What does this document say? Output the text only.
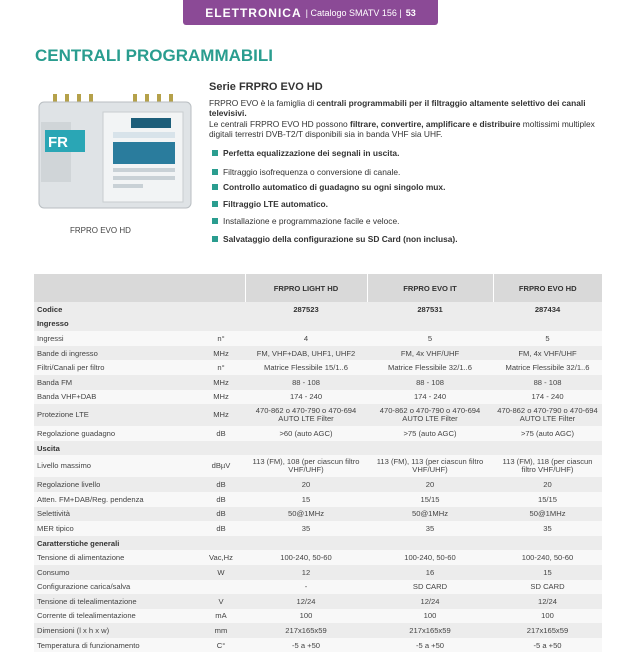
ELETTRONICA | Catalogo SMATV 156 | 53
CENTRALI PROGRAMMABILI
FR
FRPRO EVO HD
Serie FRPRO EVO HD
FRPRO EVO è la famiglia di centrali programmabili per il filtraggio altamente selettivo dei canali televisivi.
Le centrali FRPRO EVO HD possono filtrare, convertire, amplificare e distribuire moltissimi multiplex digitali terrestri DVB-T2/T disponibili sia in banda VHF sia UHF.
Perfetta equalizzazione dei segnali in uscita.
Filtraggio isofrequenza o conversione di canale.
Controllo automatico di guadagno su ogni singolo mux.
Filtraggio LTE automatico.
Installazione e programmazione facile e veloce.
Salvataggio della configurazione su SD Card (non inclusa).
		FRPRO LIGHT HD	FRPRO EVO IT	FRPRO EVO HD
Codice		287523	287531	287434
Ingresso				
Ingressi	n°	4	5	5
Bande di ingresso	MHz	FM, VHF+DAB, UHF1, UHF2	FM, 4x VHF/UHF	FM, 4x VHF/UHF
Filtri/Canali per filtro	n°	Matrice Flessibile 15/1..6	Matrice Flessibile 32/1..6	Matrice Flessibile 32/1..6
Banda FM	MHz	88 - 108	88 - 108	88 - 108
Banda VHF+DAB	MHz	174 - 240	174 - 240	174 - 240
Protezione LTE	MHz	470-862 o 470-790 o 470-694 AUTO LTE Filter	470-862 o 470-790 o 470-694 AUTO LTE Filter	470-862 o 470-790 o 470-694 AUTO LTE Filter
Regolazione guadagno	dB	>60 (auto AGC)	>75 (auto AGC)	>75 (auto AGC)
Uscita				
Livello massimo	dBµV	113 (FM), 108 (per ciascun filtro VHF/UHF)	113 (FM), 113 (per ciascun filtro VHF/UHF)	113 (FM), 118 (per ciascun filtro VHF/UHF)
Regolazione livello	dB	20	20	20
Atten. FM+DAB/Reg. pendenza	dB	15	15/15	15/15
Selettività	dB	50@1MHz	50@1MHz	50@1MHz
MER tipico	dB	35	35	35
Caratterstiche generali				
Tensione di alimentazione	Vac,Hz	100-240, 50-60	100-240, 50-60	100-240, 50-60
Consumo	W	12	16	15
Configurazione carica/salva		-	SD CARD	SD CARD
Tensione di telealimentazione	V	12/24	12/24	12/24
Corrente di telealimentazione	mA	100	100	100
Dimensioni (l x h x w)	mm	217x165x59	217x165x59	217x165x59
Temperatura di funzionamento	C°	-5 a +50	-5 a +50	-5 a +50
